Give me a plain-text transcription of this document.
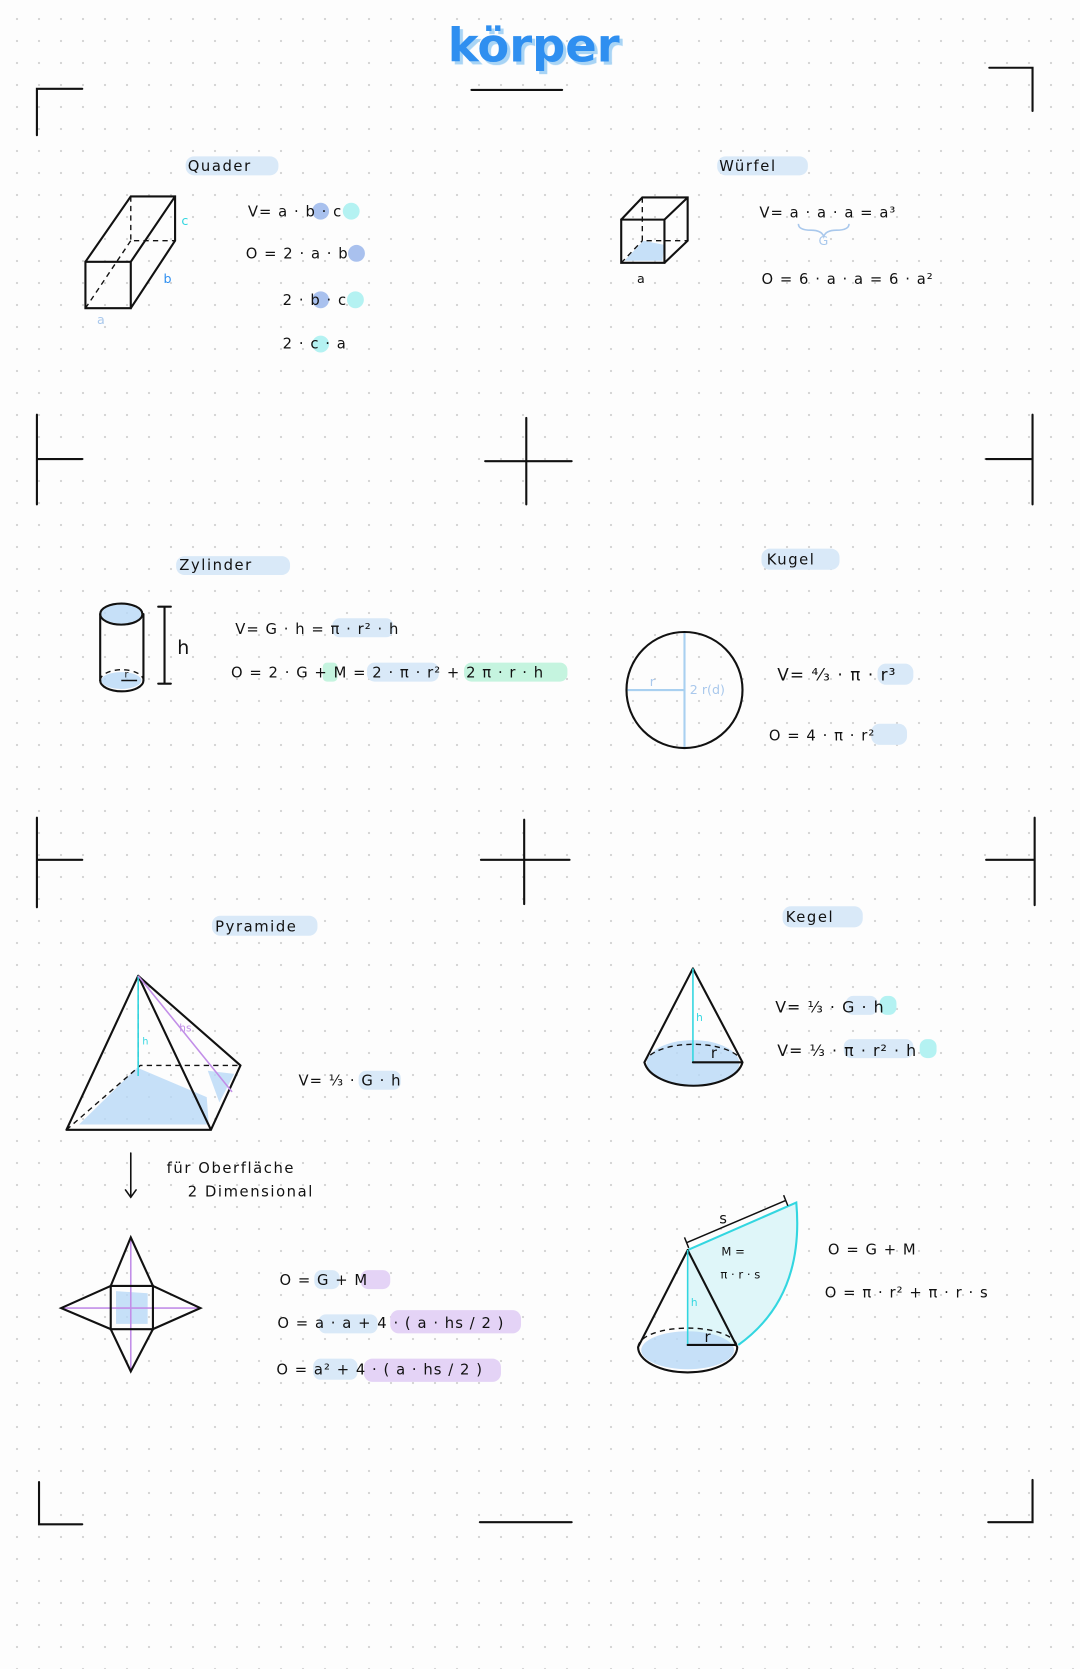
körper
Quader
c
b
a
V= a · b · c
O = 2 · a · b
2 · b · c
2 · c · a
Würfel
a
V= a · a · a = a³
G
O = 6 · a · a = 6 · a²
Zylinder
r
h
V= G · h = π · r² · h
O = 2 · G + M = 2 · π · r² + 2 π · r · h
Kugel
r
2 r(d)
V= ⁴⁄₃ · π · r³
O = 4 · π · r²
Pyramide
h
hs
V= ⅓ · G · h
für Oberfläche
2 Dimensional
O = G + M
O = a · a + 4 · ( a · hs / 2 )
O = a² + 4 · ( a · hs / 2 )
Kegel
h
r
V= ⅓ · G · h
V= ⅓ · π · r² · h
s
M =
π · r · s
h
r
O = G + M
O = π · r² + π · r · s
